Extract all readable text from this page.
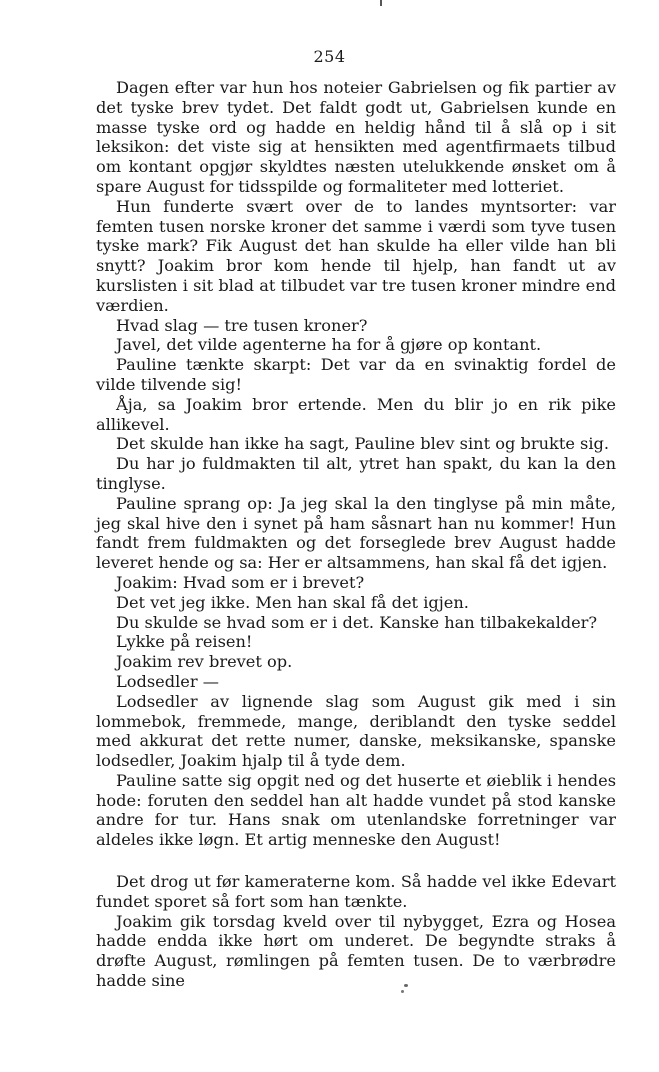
254

Dagen efter var hun hos noteier Gabrielsen og fik partier av det tyske brev tydet. Det faldt godt ut, Gabrielsen kunde en masse tyske ord og hadde en heldig hånd til å slå op i sit leksikon: det viste sig at hensikten med agentfirmaets tilbud om kontant opgjør skyldtes næsten utelukkende ønsket om å spare August for tidsspilde og formaliteter med lotteriet.

Hun funderte svært over de to landes myntsorter: var femten tusen norske kroner det samme i værdi som tyve tusen tyske mark? Fik August det han skulde ha eller vilde han bli snytt? Joakim bror kom hende til hjelp, han fandt ut av kurslisten i sit blad at tilbudet var tre tusen kroner mindre end værdien.

Hvad slag — tre tusen kroner?

Javel, det vilde agenterne ha for å gjøre op kontant.

Pauline tænkte skarpt: Det var da en svinaktig fordel de vilde tilvende sig!

Åja, sa Joakim bror ertende. Men du blir jo en rik pike allikevel.

Det skulde han ikke ha sagt, Pauline blev sint og brukte sig.

Du har jo fuldmakten til alt, ytret han spakt, du kan la den tinglyse.

Pauline sprang op: Ja jeg skal la den tinglyse på min måte, jeg skal hive den i synet på ham såsnart han nu kommer! Hun fandt frem fuldmakten og det forseglede brev August hadde leveret hende og sa: Her er altsammens, han skal få det igjen.

Joakim: Hvad som er i brevet?

Det vet jeg ikke. Men han skal få det igjen.

Du skulde se hvad som er i det. Kanske han tilbakekalder?

Lykke på reisen!

Joakim rev brevet op.

Lodsedler —

Lodsedler av lignende slag som August gik med i sin lommebok, fremmede, mange, deriblandt den tyske seddel med akkurat det rette numer, danske, meksikanske, spanske lodsedler, Joakim hjalp til å tyde dem.

Pauline satte sig opgit ned og det huserte et øieblik i hendes hode: foruten den seddel han alt hadde vundet på stod kanske andre for tur. Hans snak om utenlandske forretninger var aldeles ikke løgn. Et artig menneske den August!

Det drog ut før kameraterne kom. Så hadde vel ikke Edevart fundet sporet så fort som han tænkte.

Joakim gik torsdag kveld over til nybygget, Ezra og Hosea hadde endda ikke hørt om underet. De begyndte straks å drøfte August, rømlingen på femten tusen. De to værbrødre hadde sine
